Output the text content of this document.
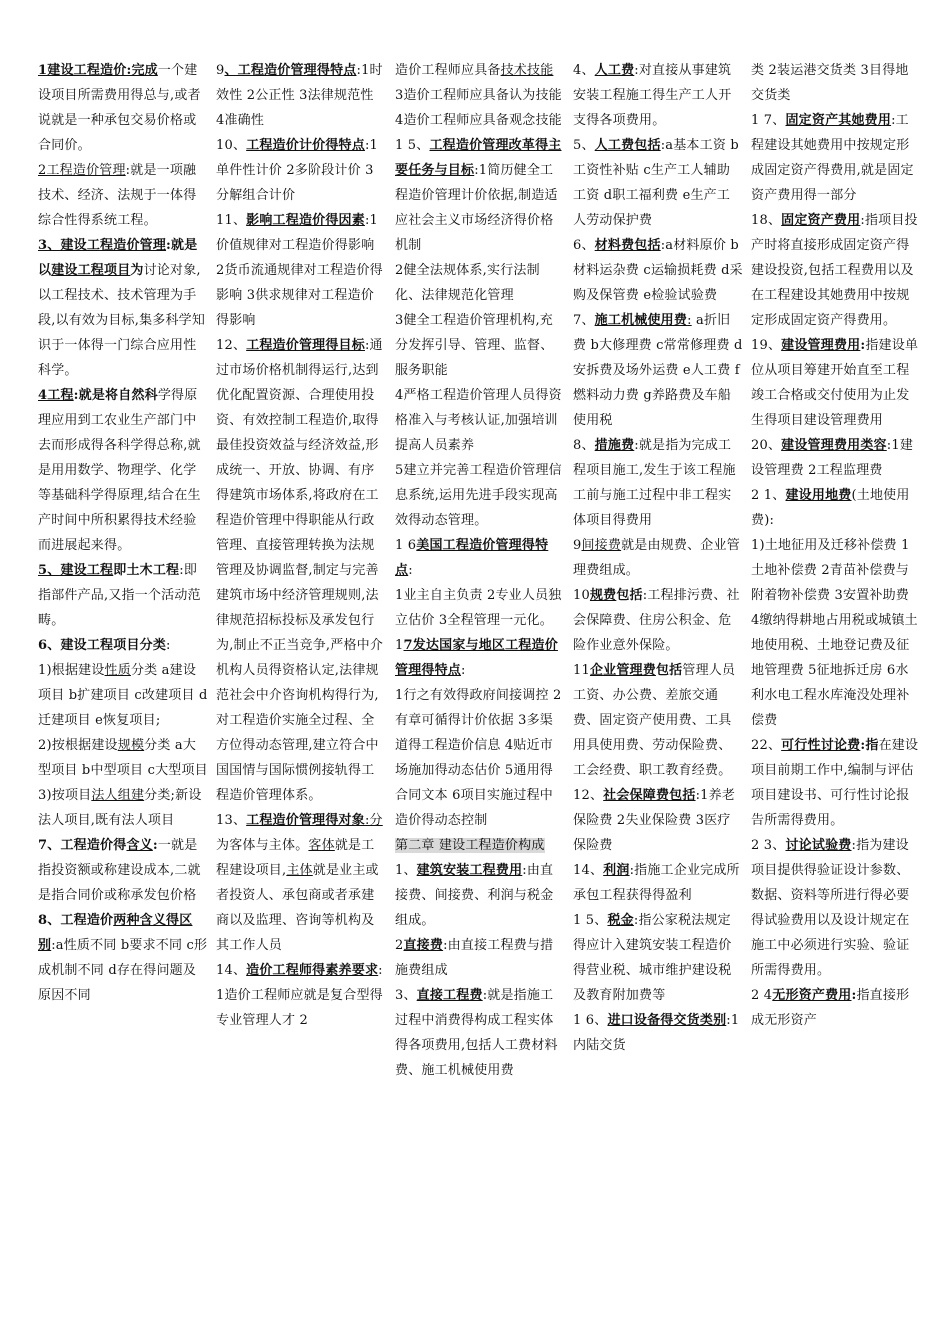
1建设工程造价:完成一个建设项目所需费用得总与,或者说就是一种承包交易价格或合同价。

2工程造价管理:就是一项融技术、经济、法规于一体得综合性得系统工程。

3、建设工程造价管理:就是以建设工程项目为讨论对象,以工程技术、技术管理为手段,以有效为目标,集多科学知识于一体得一门综合应用性科学。

4工程:就是将自然科学得原理应用到工农业生产部门中去而形成得各科学得总称,就是用用数学、物理学、化学等基础科学得原理,结合在生产时间中所积累得技术经验而进展起来得。

5、建设工程即土木工程:即指部件产品,又指一个活动范畴。

6、建设工程项目分类:

1)根据建设性质分类 a建设项目 b扩建项目 c改建项目 d迁建项目 e恢复项目;

2)按根据建设规模分类 a大型项目 b中型项目 c大型项目

3)按项目法人组建分类;新设法人项目,既有法人项目

7、工程造价得含义:一就是指投资额或称建设成本,二就是指合同价或称承发包价格

8、工程造价两种含义得区别:a性质不同 b要求不同 c形成机制不同 d存在得问题及原因不同

9、工程造价管理得特点:1时效性 2公正性 3法律规范性 4准确性

10、工程造价计价得特点:1单件性计价 2多阶段计价 3分解组合计价

11、影响工程造价得因素:1价值规律对工程造价得影响 2货币流通规律对工程造价得影响 3供求规律对工程造价得影响

12、工程造价管理得目标:通过市场价格机制得运行,达到优化配置资源、合理使用投资、有效控制工程造价,取得最佳投资效益与经济效益,形成统一、开放、协调、有序得建筑市场体系,将政府在工程造价管理中得职能从行政管理、直接管理转换为法规管理及协调监督,制定与完善建筑市场中经济管理规则,法律规范招标投标及承发包行为,制止不正当竞争,严格中介机构人员得资格认定,法律规范社会中介咨询机构得行为,对工程造价实施全过程、全方位得动态管理,建立符合中国国情与国际惯例接轨得工程造价管理体系。

13、工程造价管理得对象:分为客体与主体。客体就是工程建设项目,主体就是业主或者投资人、承包商或者承建商以及监理、咨询等机构及其工作人员

14、造价工程师得素养要求:1造价工程师应就是复合型得专业管理人才 2

造价工程师应具备技术技能 3造价工程师应具备认为技能 4造价工程师应具备观念技能

1 5、工程造价管理改革得主要任务与目标:1简历健全工程造价管理计价依据,制造适应社会主义市场经济得价格机制

2健全法规体系,实行法制化、法律规范化管理

3健全工程造价管理机构,充分发挥引导、管理、监督、服务职能

4严格工程造价管理人员得资格准入与考核认证,加强培训提高人员素养

5建立并完善工程造价管理信息系统,运用先进手段实现高效得动态管理。

1 6美国工程造价管理得特点:

1业主自主负责 2专业人员独立估价 3全程管理一元化。

17发达国家与地区工程造价管理得特点:

1行之有效得政府间接调控 2有章可循得计价依据 3多渠道得工程造价信息 4贴近市场施加得动态估价 5通用得合同文本 6项目实施过程中造价得动态控制

第二章 建设工程造价构成 1、建筑安装工程费用:由直接费、间接费、利润与税金组成。

2直接费:由直接工程费与措施费组成

3、直接工程费:就是指施工过程中消费得构成工程实体得各项费用,包括人工费材料费、施工机械使用费

4、人工费:对直接从事建筑安装工程施工得生产工人开支得各项费用。

5、人工费包括:a基本工资 b工资性补贴 c生产工人辅助工资 d职工福利费 e生产工人劳动保护费

6、材料费包括:a材料原价 b材料运杂费 c运输损耗费 d采购及保管费 e检验试验费

7、施工机械使用费: a折旧费 b大修理费 c常常修理费 d安拆费及场外运费 e人工费 f燃料动力费 g养路费及车船使用税

8、措施费:就是指为完成工程项目施工,发生于该工程施工前与施工过程中非工程实体项目得费用

9间接费就是由规费、企业管理费组成。

10规费包括:工程排污费、社会保障费、住房公积金、危险作业意外保险。

11企业管理费包括管理人员工资、办公费、差旅交通费、固定资产使用费、工具用具使用费、劳动保险费、工会经费、职工教育经费。

12、社会保障费包括:1养老保险费 2失业保险费 3医疗保险费

14、利润:指施工企业完成所承包工程获得得盈利

1 5、税金:指公家税法规定得应计入建筑安装工程造价得营业税、城市维护建设税及教育附加费等

1 6、进口设备得交货类别:1内陆交货

类 2装运港交货类 3目得地交货类

1 7、固定资产其她费用:工程建设其她费用中按规定形成固定资产得费用,就是固定资产费用得一部分

18、固定资产费用:指项目投产时将直接形成固定资产得建设投资,包括工程费用以及在工程建设其她费用中按规定形成固定资产得费用。

19、建设管理费用:指建设单位从项目筹建开始直至工程竣工合格或交付使用为止发生得项目建设管理费用

20、建设管理费用类容:1建设管理费 2工程监理费

2 1、建设用地费(土地使用费):

1)土地征用及迁移补偿费 1土地补偿费 2青苗补偿费与附着物补偿费 3安置补助费 4缴纳得耕地占用税或城镇土地使用税、土地登记费及征地管理费 5征地拆迁房 6水利水电工程水库淹没处理补偿费

22、可行性讨论费:指在建设项目前期工作中,编制与评估项目建设书、可行性讨论报告所需得费用。

2 3、讨论试验费:指为建设项目提供得验证设计参数、数据、资料等所进行得必要得试验费用以及设计规定在施工中必须进行实验、验证所需得费用。

2 4无形资产费用:指直接形成无形资产
